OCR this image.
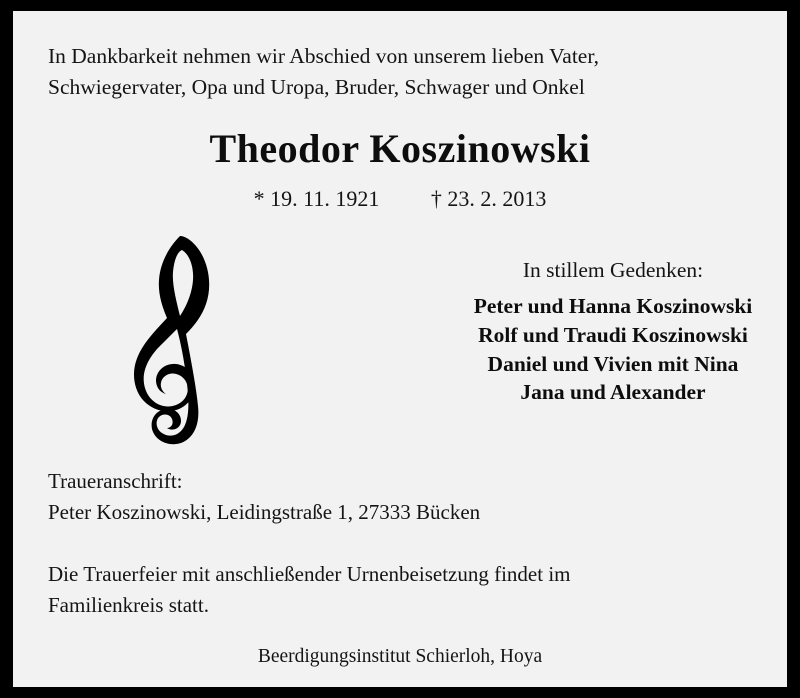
In Dankbarkeit nehmen wir Abschied von unserem lieben Vater,
Schwiegervater, Opa und Uropa, Bruder, Schwager und Onkel
Theodor Koszinowski
* 19. 11. 1921 † 23. 2. 2013
In stillem Gedenken:
Peter und Hanna Koszinowski
Rolf und Traudi Koszinowski
Daniel und Vivien mit Nina
Jana und Alexander
Traueranschrift:
Peter Koszinowski, Leidingstraße 1, 27333 Bücken
Die Trauerfeier mit anschließender Urnenbeisetzung findet im
Familienkreis statt.
Beerdigungsinstitut Schierloh, Hoya
